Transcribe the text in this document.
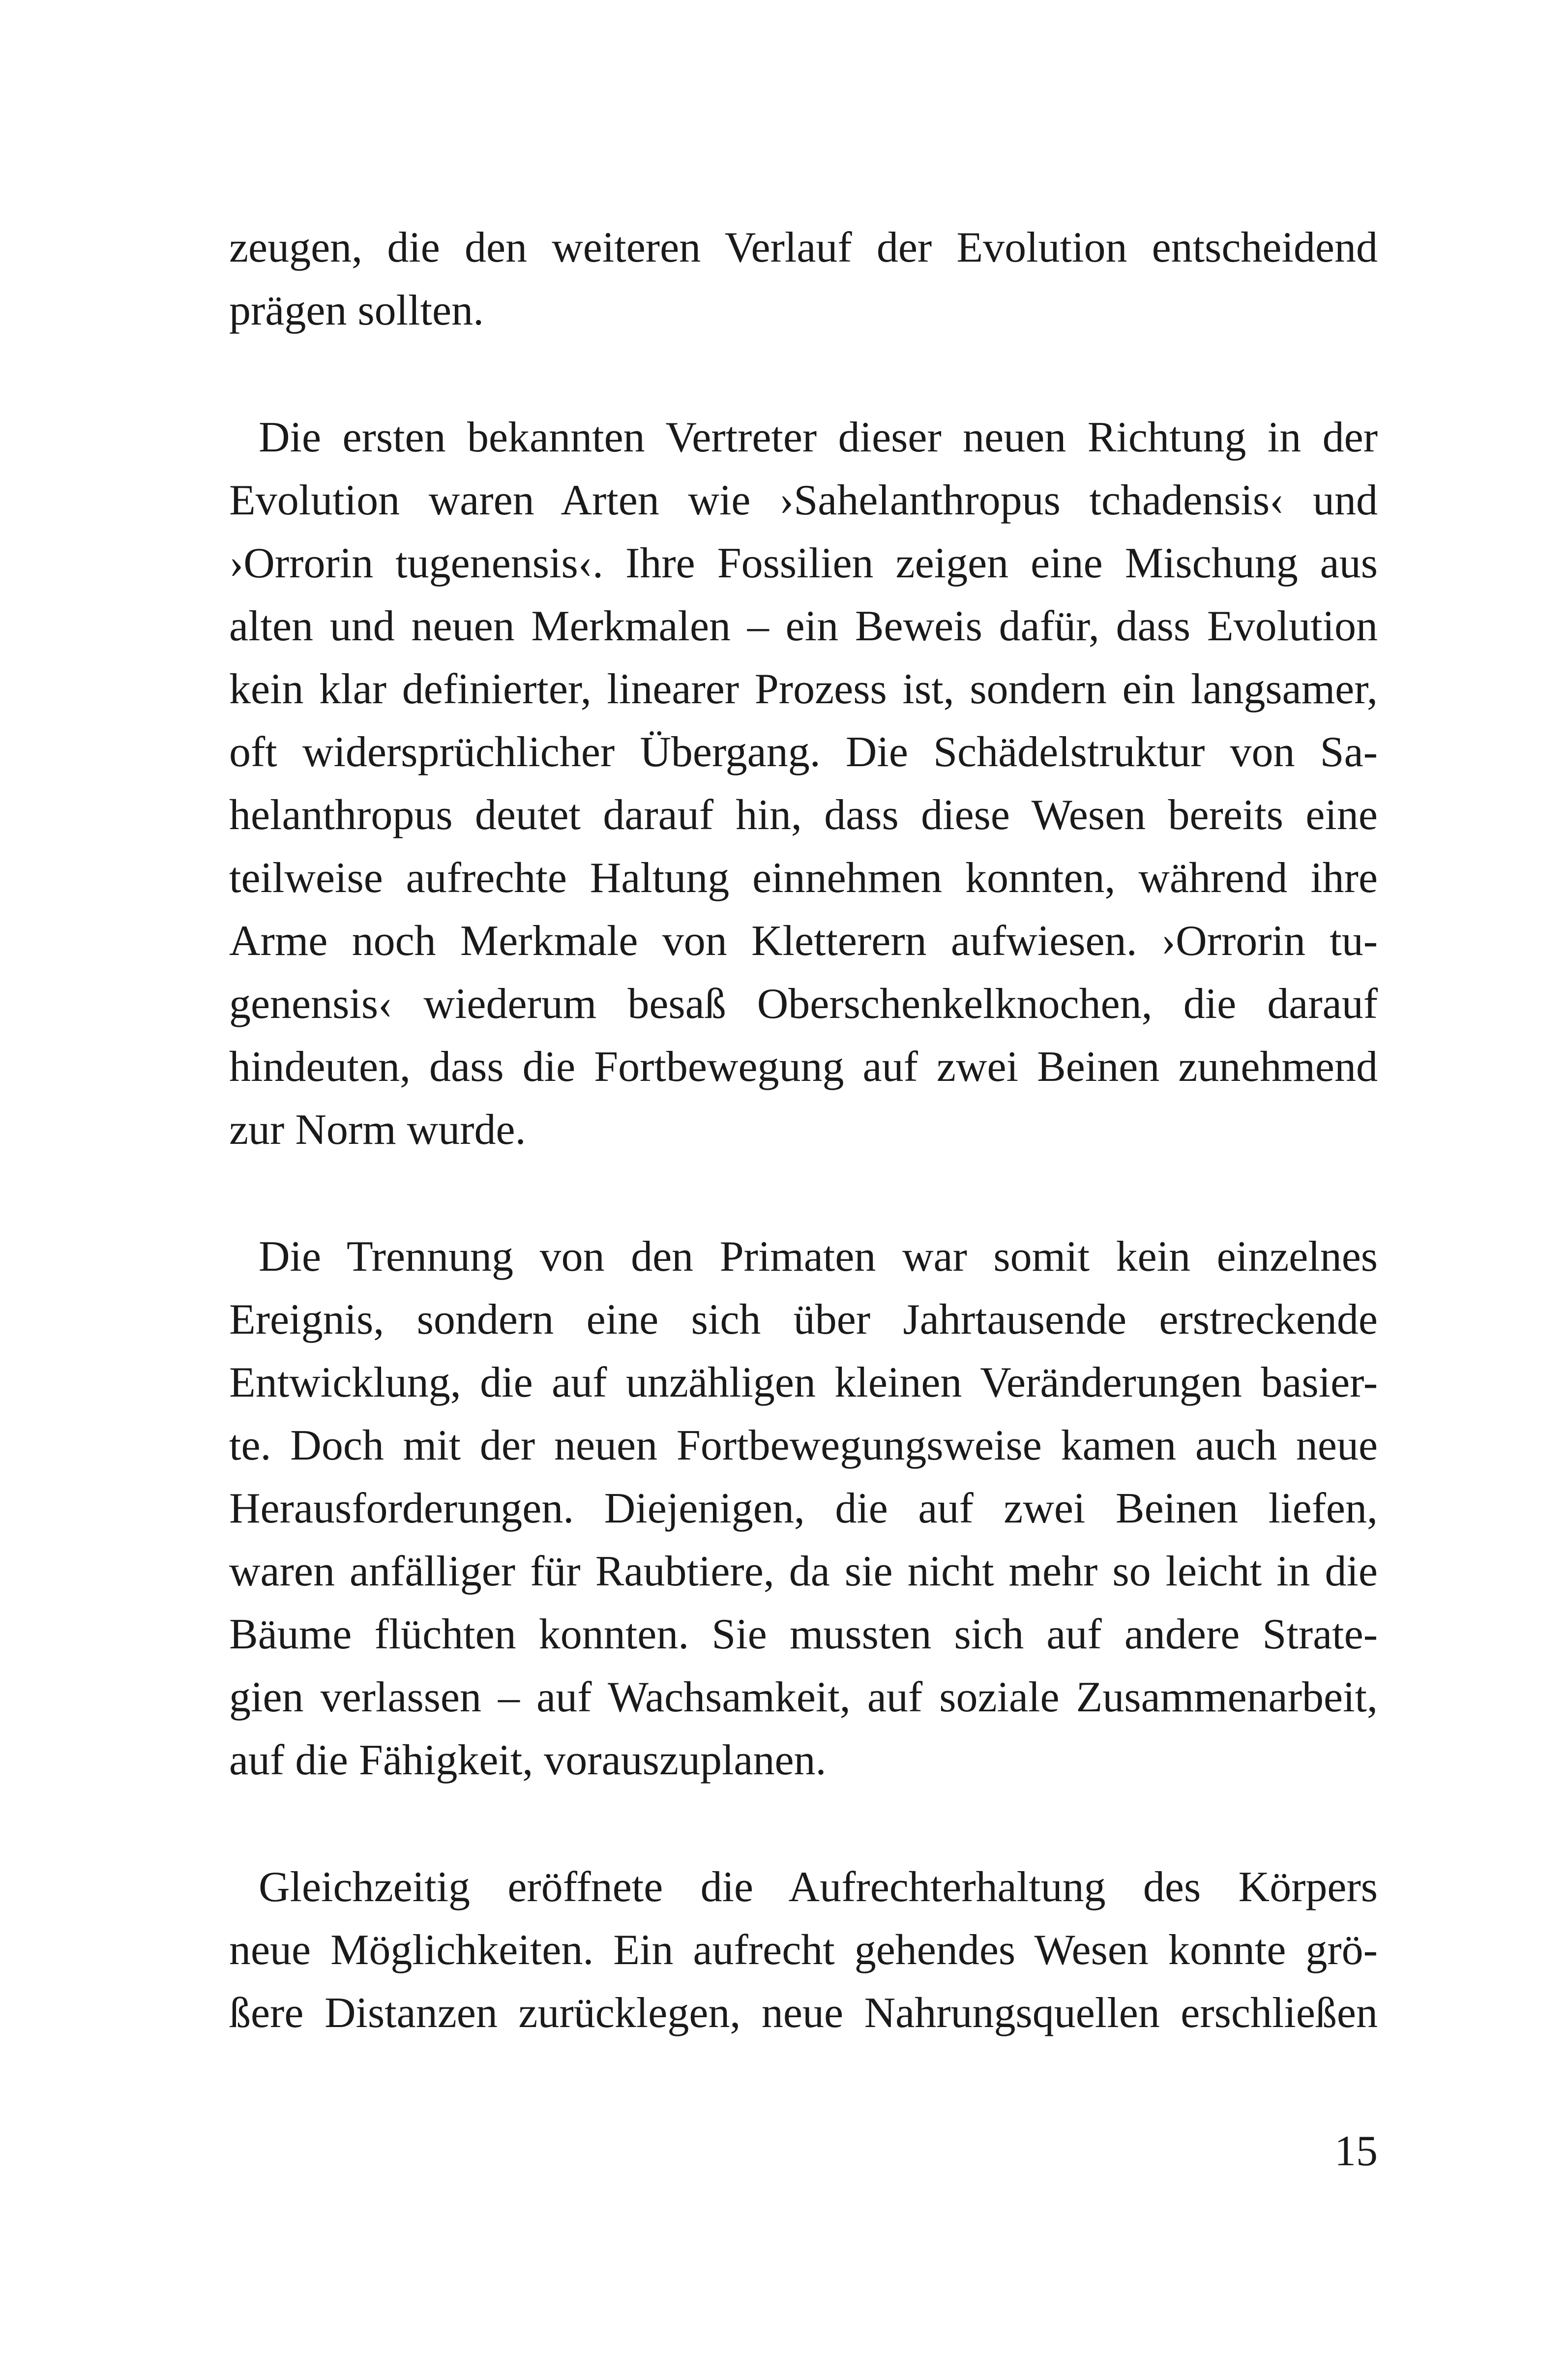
zeugen, die den weiteren Verlauf der Evolution entscheidend
prägen sollten.

Die ersten bekannten Vertreter dieser neuen Richtung in der
Evolution waren Arten wie ›Sahelanthropus tchadensis‹ und
›Orrorin tugenensis‹. Ihre Fossilien zeigen eine Mischung aus
alten und neuen Merkmalen – ein Beweis dafür, dass Evolution
kein klar definierter, linearer Prozess ist, sondern ein langsamer,
oft widersprüchlicher Übergang. Die Schädelstruktur von Sa-
helanthropus deutet darauf hin, dass diese Wesen bereits eine
teilweise aufrechte Haltung einnehmen konnten, während ihre
Arme noch Merkmale von Kletterern aufwiesen. ›Orrorin tu-
genensis‹ wiederum besaß Oberschenkelknochen, die darauf
hindeuten, dass die Fortbewegung auf zwei Beinen zunehmend
zur Norm wurde.

Die Trennung von den Primaten war somit kein einzelnes
Ereignis, sondern eine sich über Jahrtausende erstreckende
Entwicklung, die auf unzähligen kleinen Veränderungen basier-
te. Doch mit der neuen Fortbewegungsweise kamen auch neue
Herausforderungen. Diejenigen, die auf zwei Beinen liefen,
waren anfälliger für Raubtiere, da sie nicht mehr so leicht in die
Bäume flüchten konnten. Sie mussten sich auf andere Strate-
gien verlassen – auf Wachsamkeit, auf soziale Zusammenarbeit,
auf die Fähigkeit, vorauszuplanen.

Gleichzeitig eröffnete die Aufrechterhaltung des Körpers
neue Möglichkeiten. Ein aufrecht gehendes Wesen konnte grö-
ßere Distanzen zurücklegen, neue Nahrungsquellen erschließen

15
